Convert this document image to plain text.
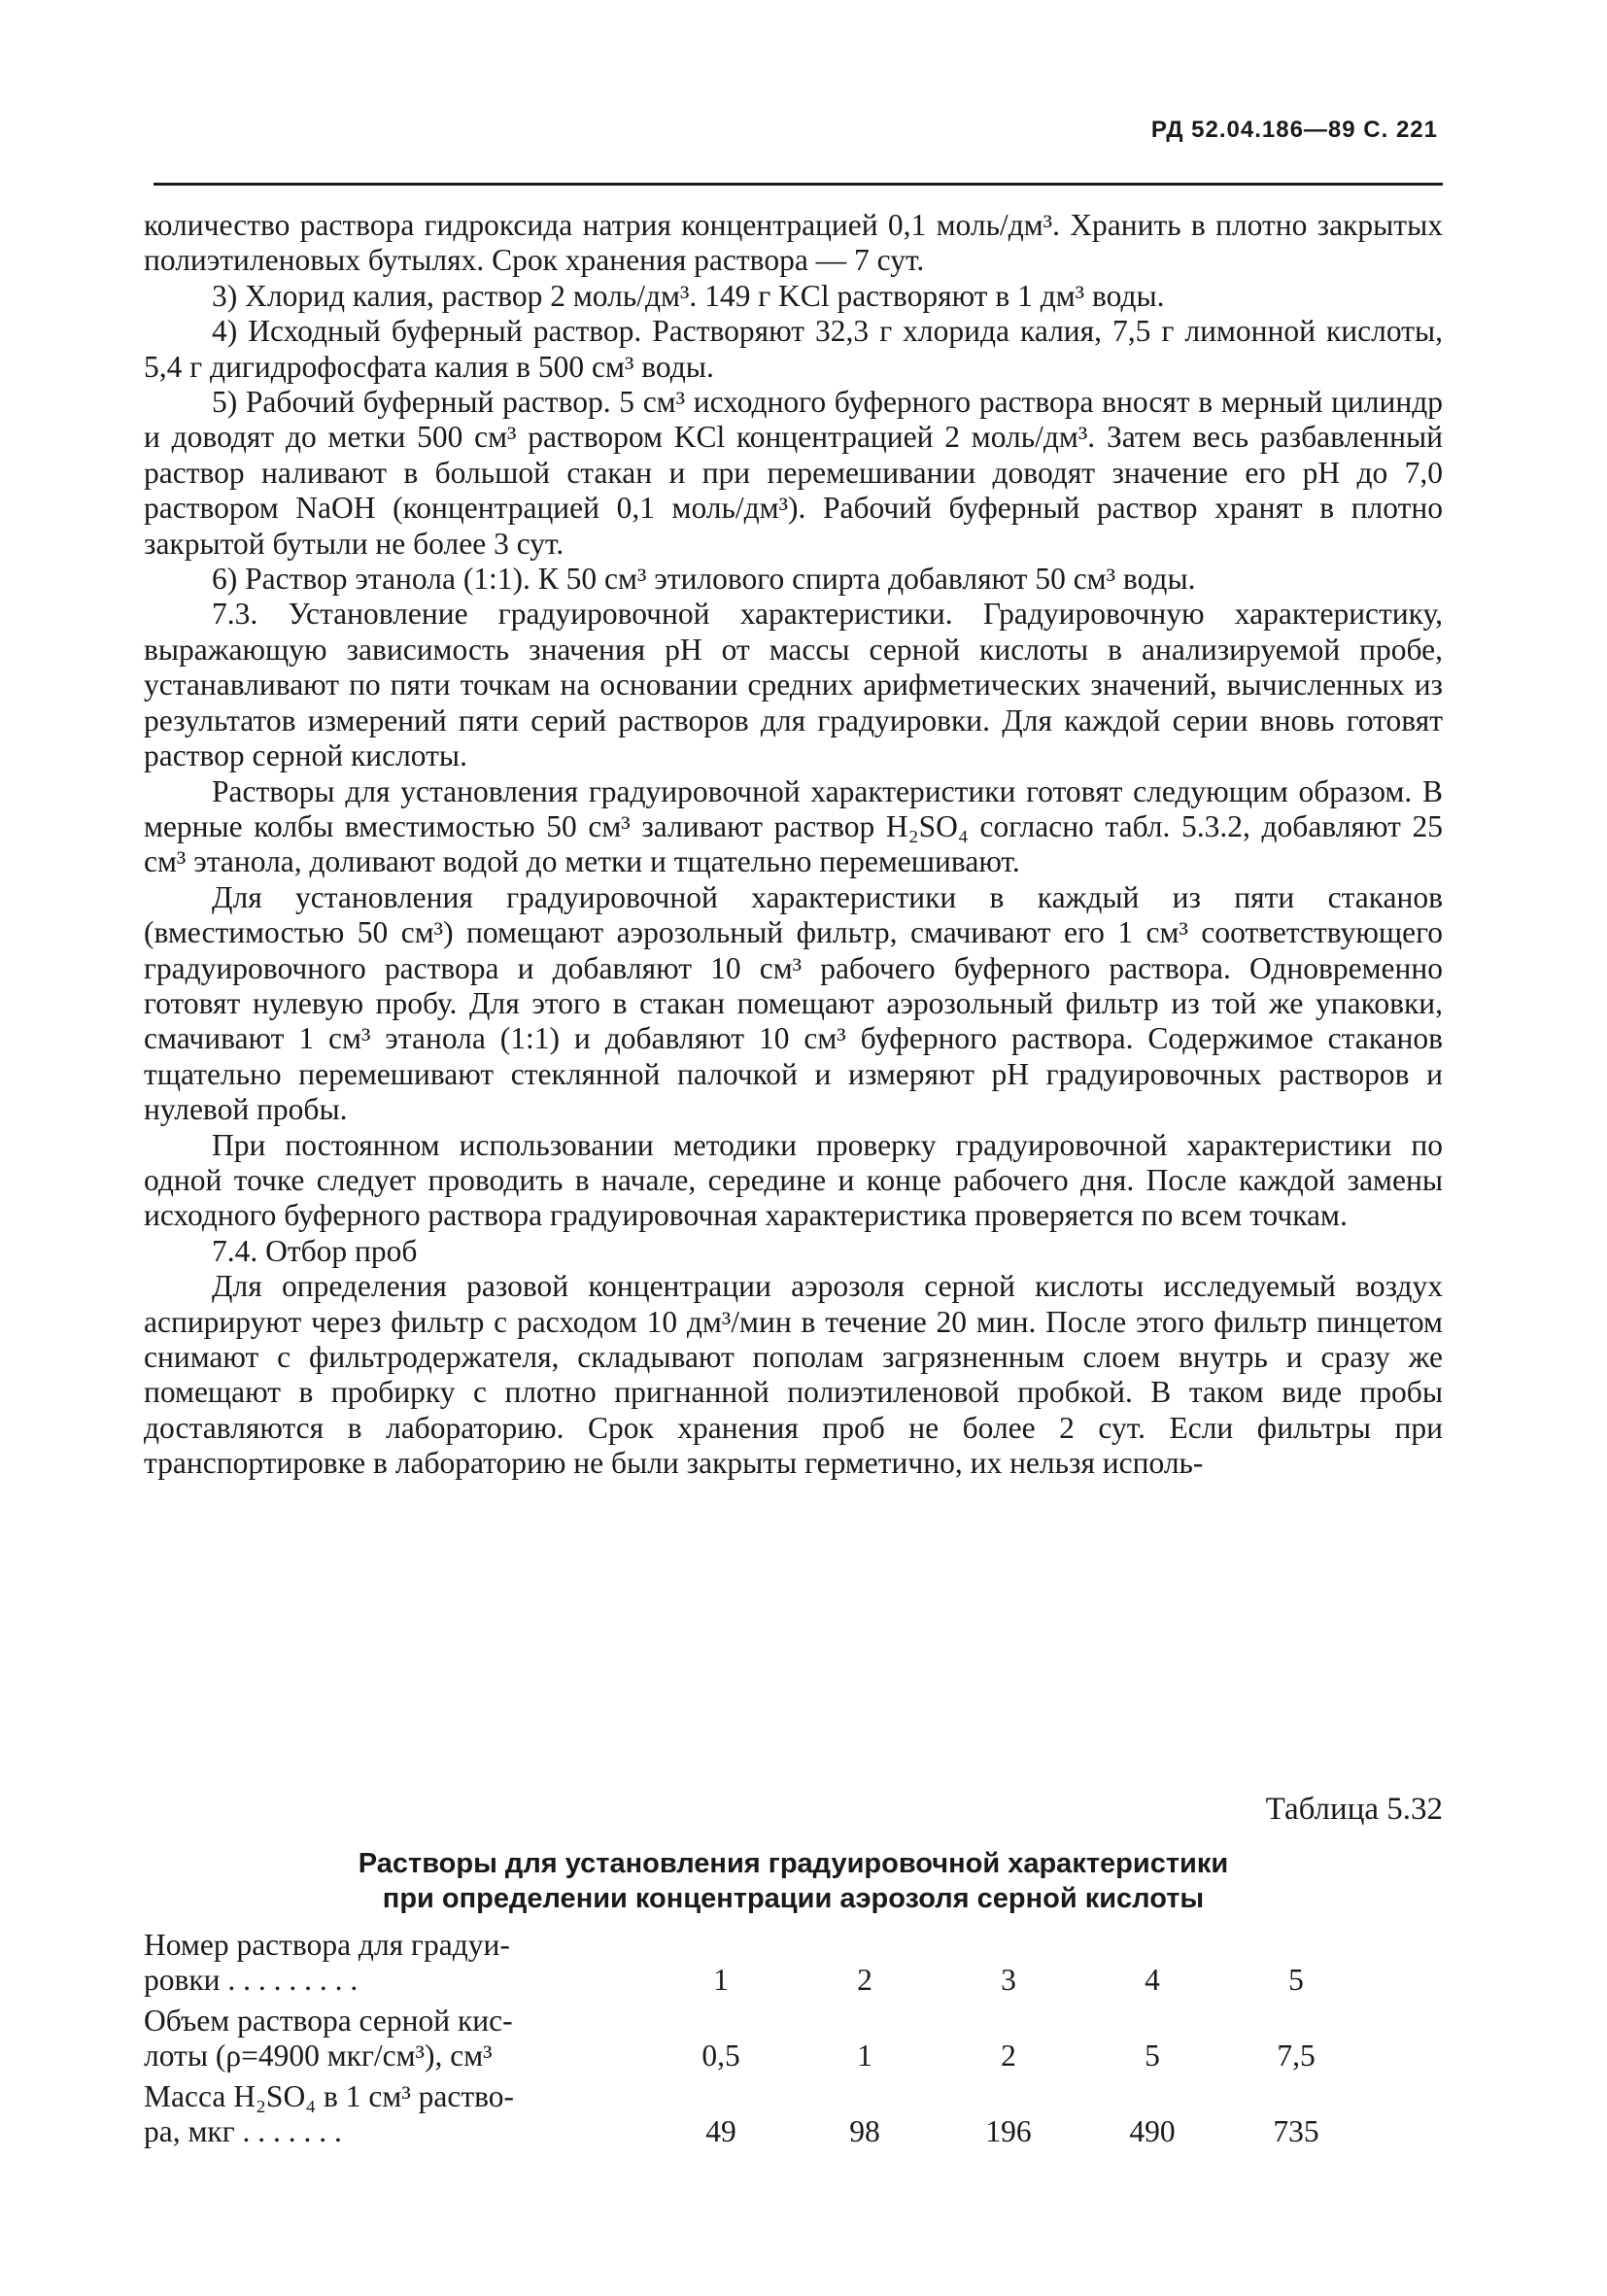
РД 52.04.186—89 С. 221

количество раствора гидроксида натрия концентрацией 0,1 моль/дм³. Хранить в плотно закрытых полиэтиленовых бутылях. Срок хранения раствора — 7 сут.

3) Хлорид калия, раствор 2 моль/дм³. 149 г KCl растворяют в 1 дм³ воды.

4) Исходный буферный раствор. Растворяют 32,3 г хлорида калия, 7,5 г лимонной кислоты, 5,4 г дигидрофосфата калия в 500 см³ воды.

5) Рабочий буферный раствор. 5 см³ исходного буферного раствора вносят в мерный цилиндр и доводят до метки 500 см³ раствором KCl концентрацией 2 моль/дм³. Затем весь разбавленный раствор наливают в большой стакан и при перемешивании доводят значение его pH до 7,0 раствором NaOH (концентрацией 0,1 моль/дм³). Рабочий буферный раствор хранят в плотно закрытой бутыли не более 3 сут.

6) Раствор этанола (1:1). К 50 см³ этилового спирта добавляют 50 см³ воды.

7.3. Установление градуировочной характеристики. Градуировочную характеристику, выражающую зависимость значения pH от массы серной кислоты в анализируемой пробе, устанавливают по пяти точкам на основании средних арифметических значений, вычисленных из результатов измерений пяти серий растворов для градуировки. Для каждой серии вновь готовят раствор серной кислоты.

Растворы для установления градуировочной характеристики готовят следующим образом. В мерные колбы вместимостью 50 см³ заливают раствор H₂SO₄ согласно табл. 5.3.2, добавляют 25 см³ этанола, доливают водой до метки и тщательно перемешивают.

Для установления градуировочной характеристики в каждый из пяти стаканов (вместимостью 50 см³) помещают аэрозольный фильтр, смачивают его 1 см³ соответствующего градуировочного раствора и добавляют 10 см³ рабочего буферного раствора. Одновременно готовят нулевую пробу. Для этого в стакан помещают аэрозольный фильтр из той же упаковки, смачивают 1 см³ этанола (1:1) и добавляют 10 см³ буферного раствора. Содержимое стаканов тщательно перемешивают стеклянной палочкой и измеряют pH градуировочных растворов и нулевой пробы.

При постоянном использовании методики проверку градуировочной характеристики по одной точке следует проводить в начале, середине и конце рабочего дня. После каждой замены исходного буферного раствора градуировочная характеристика проверяется по всем точкам.

7.4. Отбор проб

Для определения разовой концентрации аэрозоля серной кислоты исследуемый воздух аспирируют через фильтр с расходом 10 дм³/мин в течение 20 мин. После этого фильтр пинцетом снимают с фильтродержателя, складывают пополам загрязненным слоем внутрь и сразу же помещают в пробирку с плотно пригнанной полиэтиленовой пробкой. В таком виде пробы доставляются в лабораторию. Срок хранения проб не более 2 сут. Если фильтры при транспортировке в лабораторию не были закрыты герметично, их нельзя исполь-

Таблица 5.32
Растворы для установления градуировочной характеристики
при определении концентрации аэрозоля серной кислоты
Номер раствора для градуи-
ровки . . . . . . . . .	1	2	3	4	5

Объем раствора серной кис-
лоты (ρ=4900 мкг/см³), см³	0,5	1	2	5	7,5

Масса H₂SO₄ в 1 см³ раство-
ра, мкг . . . . . . .	49	98	196	490	735
